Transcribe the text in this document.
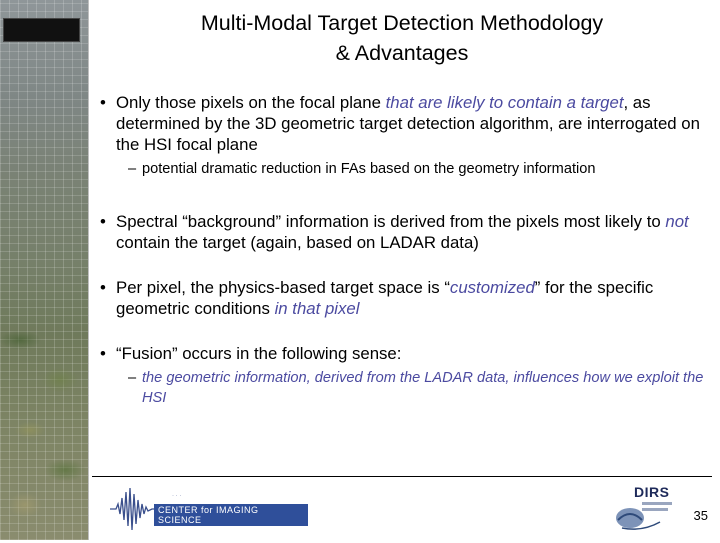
Multi-Modal Target Detection Methodology
& Advantages

• Only those pixels on the focal plane that are likely to contain a target, as determined by the 3D geometric target detection algorithm, are interrogated on the HSI focal plane

– potential dramatic reduction in FAs based on the geometry information

• Spectral “background” information is derived from the pixels most likely to not contain the target (again, based on LADAR data)

• Per pixel, the physics-based target space is “customized” for the specific geometric conditions in that pixel

• “Fusion” occurs in the following sense:

– the geometric information, derived from the LADAR data, influences how we exploit the HSI

· · ·
CENTER for IMAGING SCIENCE
DIRS
35
